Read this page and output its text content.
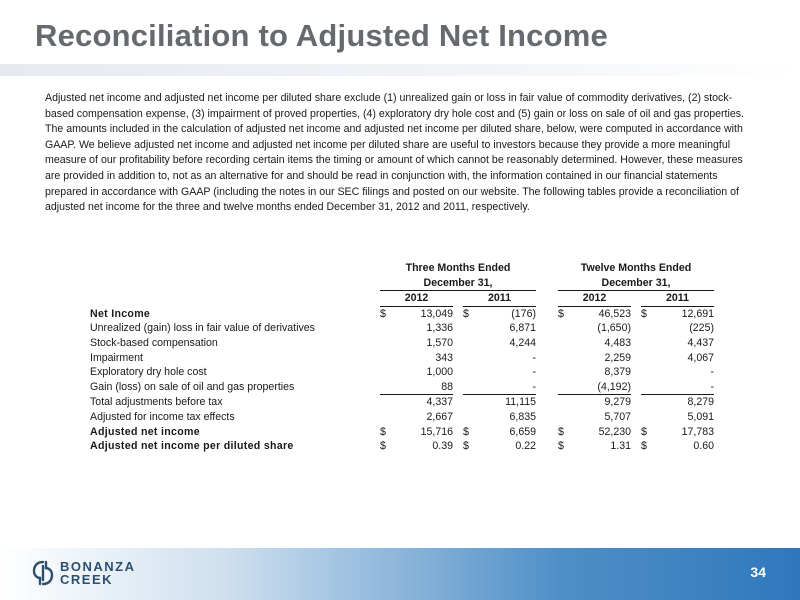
Reconciliation to Adjusted Net Income

Adjusted net income and adjusted net income per diluted share exclude (1) unrealized gain or loss in fair value of commodity derivatives, (2) stock-based compensation expense, (3) impairment of proved properties, (4) exploratory dry hole cost and (5) gain or loss on sale of oil and gas properties. The amounts included in the calculation of adjusted net income and adjusted net income per diluted share, below, were computed in accordance with GAAP. We believe adjusted net income and adjusted net income per diluted share are useful to investors because they provide a more meaningful measure of our profitability before recording certain items the timing or amount of which cannot be reasonably determined. However, these measures are provided in addition to, not as an alternative for and should be read in conjunction with, the information contained in our financial statements prepared in accordance with GAAP (including the notes in our SEC filings and posted on our website. The following tables provide a reconciliation of adjusted net income for the three and twelve months ended December 31, 2012 and 2011, respectively.

		Three Months Ended				Twelve Months Ended		
		December 31,				December 31,		
		2012		2011		2012		2011
Net Income		$ 13,049		$ (176)		$ 46,523		$ 12,691

Unrealized (gain) loss in fair value of derivatives		1,336		6,871		(1,650)		(225)

Stock-based compensation		1,570		4,244		4,483		4,437

Impairment		343		-		2,259		4,067

Exploratory dry hole cost		1,000		-		8,379		-

Gain (loss) on sale of oil and gas properties		88		-		(4,192)		-

Total adjustments before tax		4,337		11,115		9,279		8,279

Adjusted for income tax effects		2,667		6,835		5,707		5,091

Adjusted net income		$ 15,716		$ 6,659		$ 52,230		$ 17,783

Adjusted net income per diluted share		$ 0.39		$ 0.22		$ 1.31		$ 0.60
BONANZA
CREEK	34
